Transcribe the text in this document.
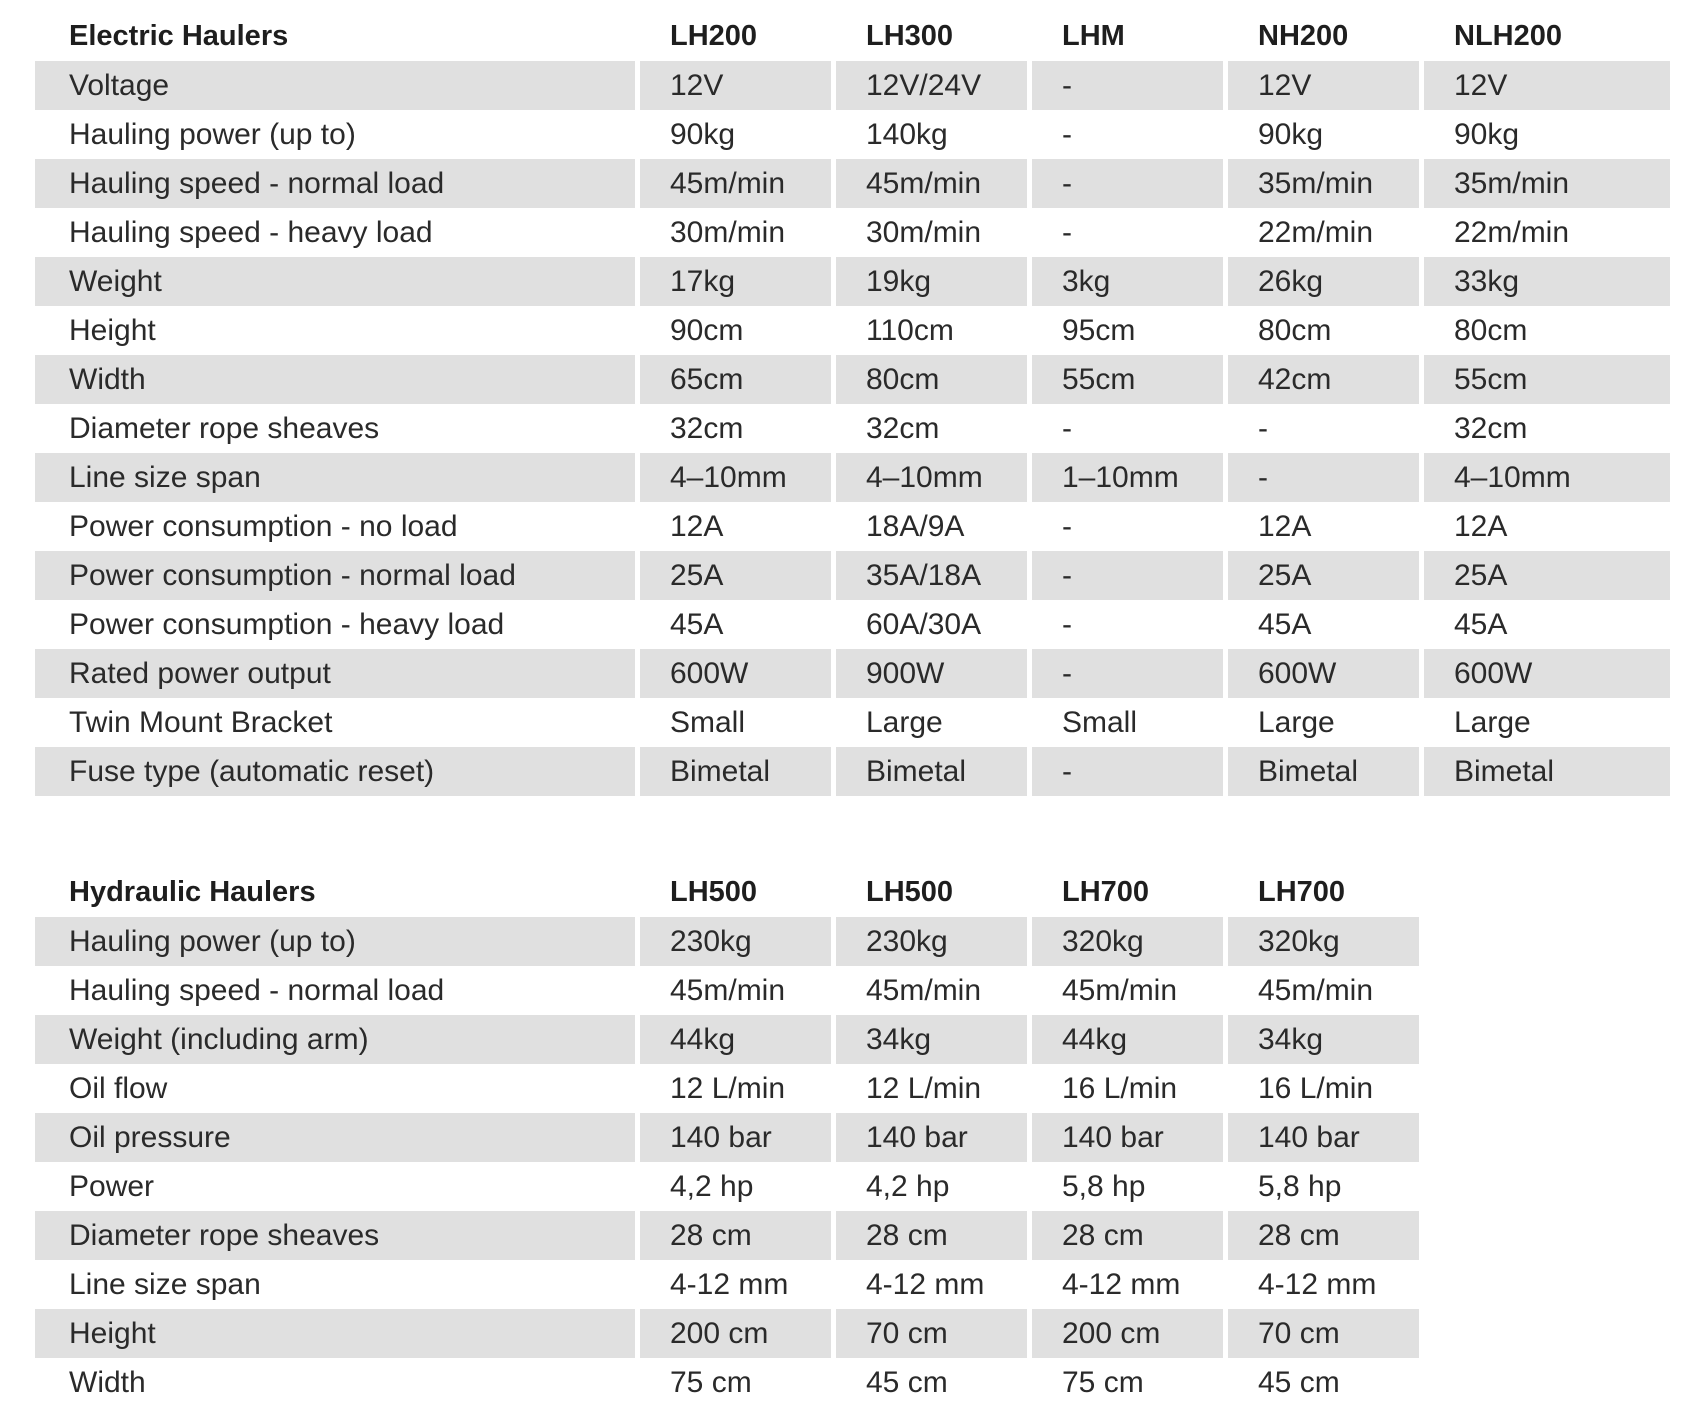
Electric Haulers	LH200	LH300	LHM	NH200	NLH200
Voltage	12V	12V/24V	-	12V	12V
Hauling power (up to)	90kg	140kg	-	90kg	90kg
Hauling speed - normal load	45m/min	45m/min	-	35m/min	35m/min
Hauling speed - heavy load	30m/min	30m/min	-	22m/min	22m/min
Weight	17kg	19kg	3kg	26kg	33kg
Height	90cm	110cm	95cm	80cm	80cm
Width	65cm	80cm	55cm	42cm	55cm
Diameter rope sheaves	32cm	32cm	-	-	32cm
Line size span	4–10mm	4–10mm	1–10mm	-	4–10mm
Power consumption - no load	12A	18A/9A	-	12A	12A
Power consumption - normal load	25A	35A/18A	-	25A	25A
Power consumption - heavy load	45A	60A/30A	-	45A	45A
Rated power output	600W	900W	-	600W	600W
Twin Mount Bracket	Small	Large	Small	Large	Large
Fuse type (automatic reset)	Bimetal	Bimetal	-	Bimetal	Bimetal
Hydraulic Haulers	LH500	LH500	LH700	LH700
Hauling power (up to)	230kg	230kg	320kg	320kg
Hauling speed - normal load	45m/min	45m/min	45m/min	45m/min
Weight (including arm)	44kg	34kg	44kg	34kg
Oil flow	12 L/min	12 L/min	16 L/min	16 L/min
Oil pressure	140 bar	140 bar	140 bar	140 bar
Power	4,2 hp	4,2 hp	5,8 hp	5,8 hp
Diameter rope sheaves	28 cm	28 cm	28 cm	28 cm
Line size span	4-12 mm	4-12 mm	4-12 mm	4-12 mm
Height	200 cm	70 cm	200 cm	70 cm
Width	75 cm	45 cm	75 cm	45 cm
